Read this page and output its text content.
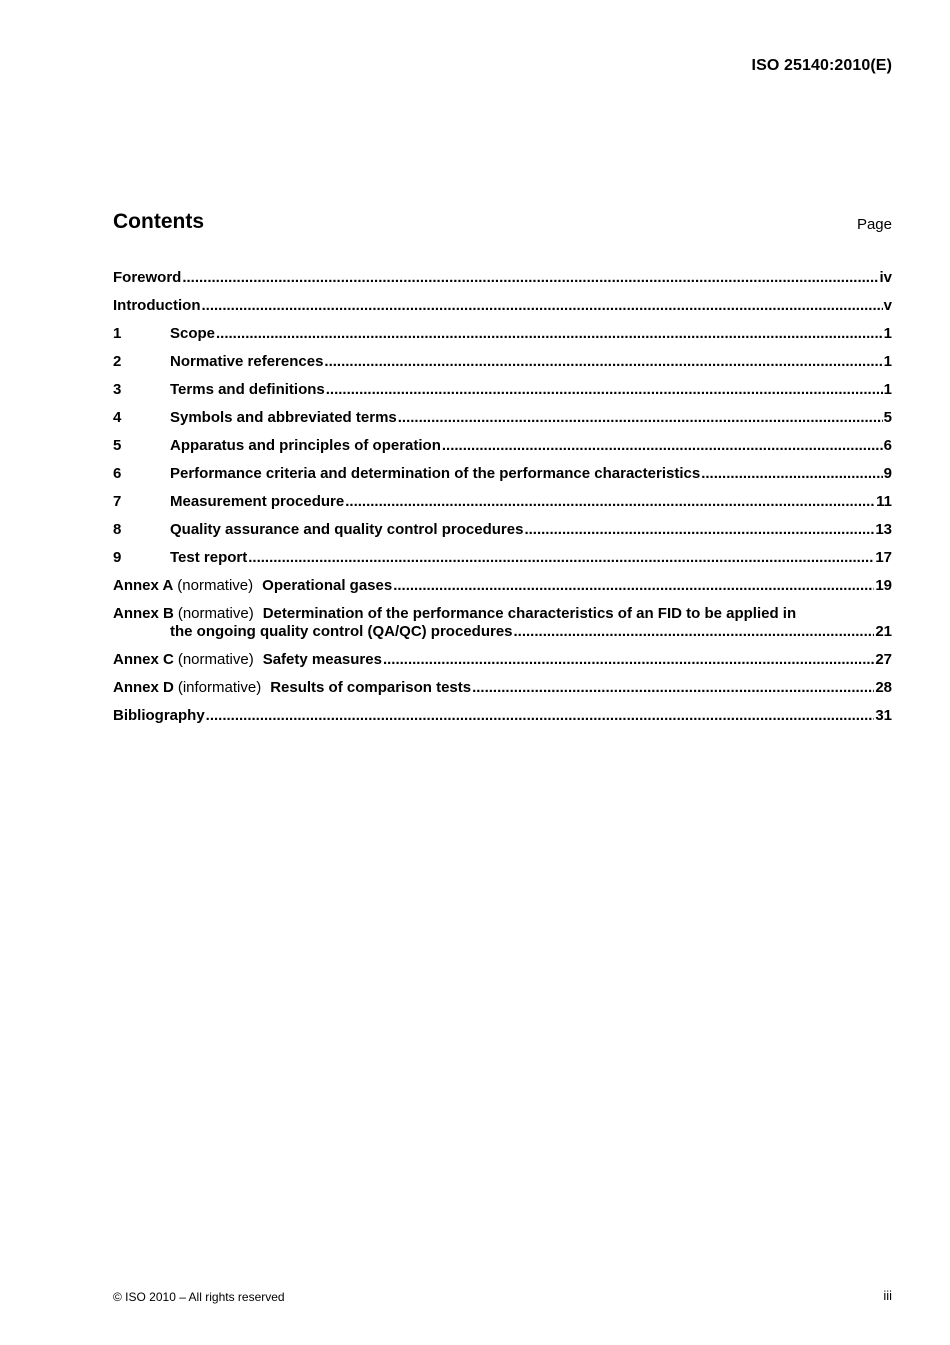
ISO 25140:2010(E)
Contents	Page
Foreword .....	iv
Introduction .....	v
1	Scope .....	1
2	Normative references .....	1
3	Terms and definitions .....	1
4	Symbols and abbreviated terms .....	5
5	Apparatus and principles of operation .....	6
6	Performance criteria and determination of the performance characteristics .....	9
7	Measurement procedure .....	11
8	Quality assurance and quality control procedures .....	13
9	Test report .....	17
Annex A (normative) Operational gases .....	19
Annex B (normative) Determination of the performance characteristics of an FID to be applied in
the ongoing quality control (QA/QC) procedures .....	21
Annex C (normative) Safety measures .....	27
Annex D (informative) Results of comparison tests .....	28
Bibliography .....	31
© ISO 2010 – All rights reserved	iii
